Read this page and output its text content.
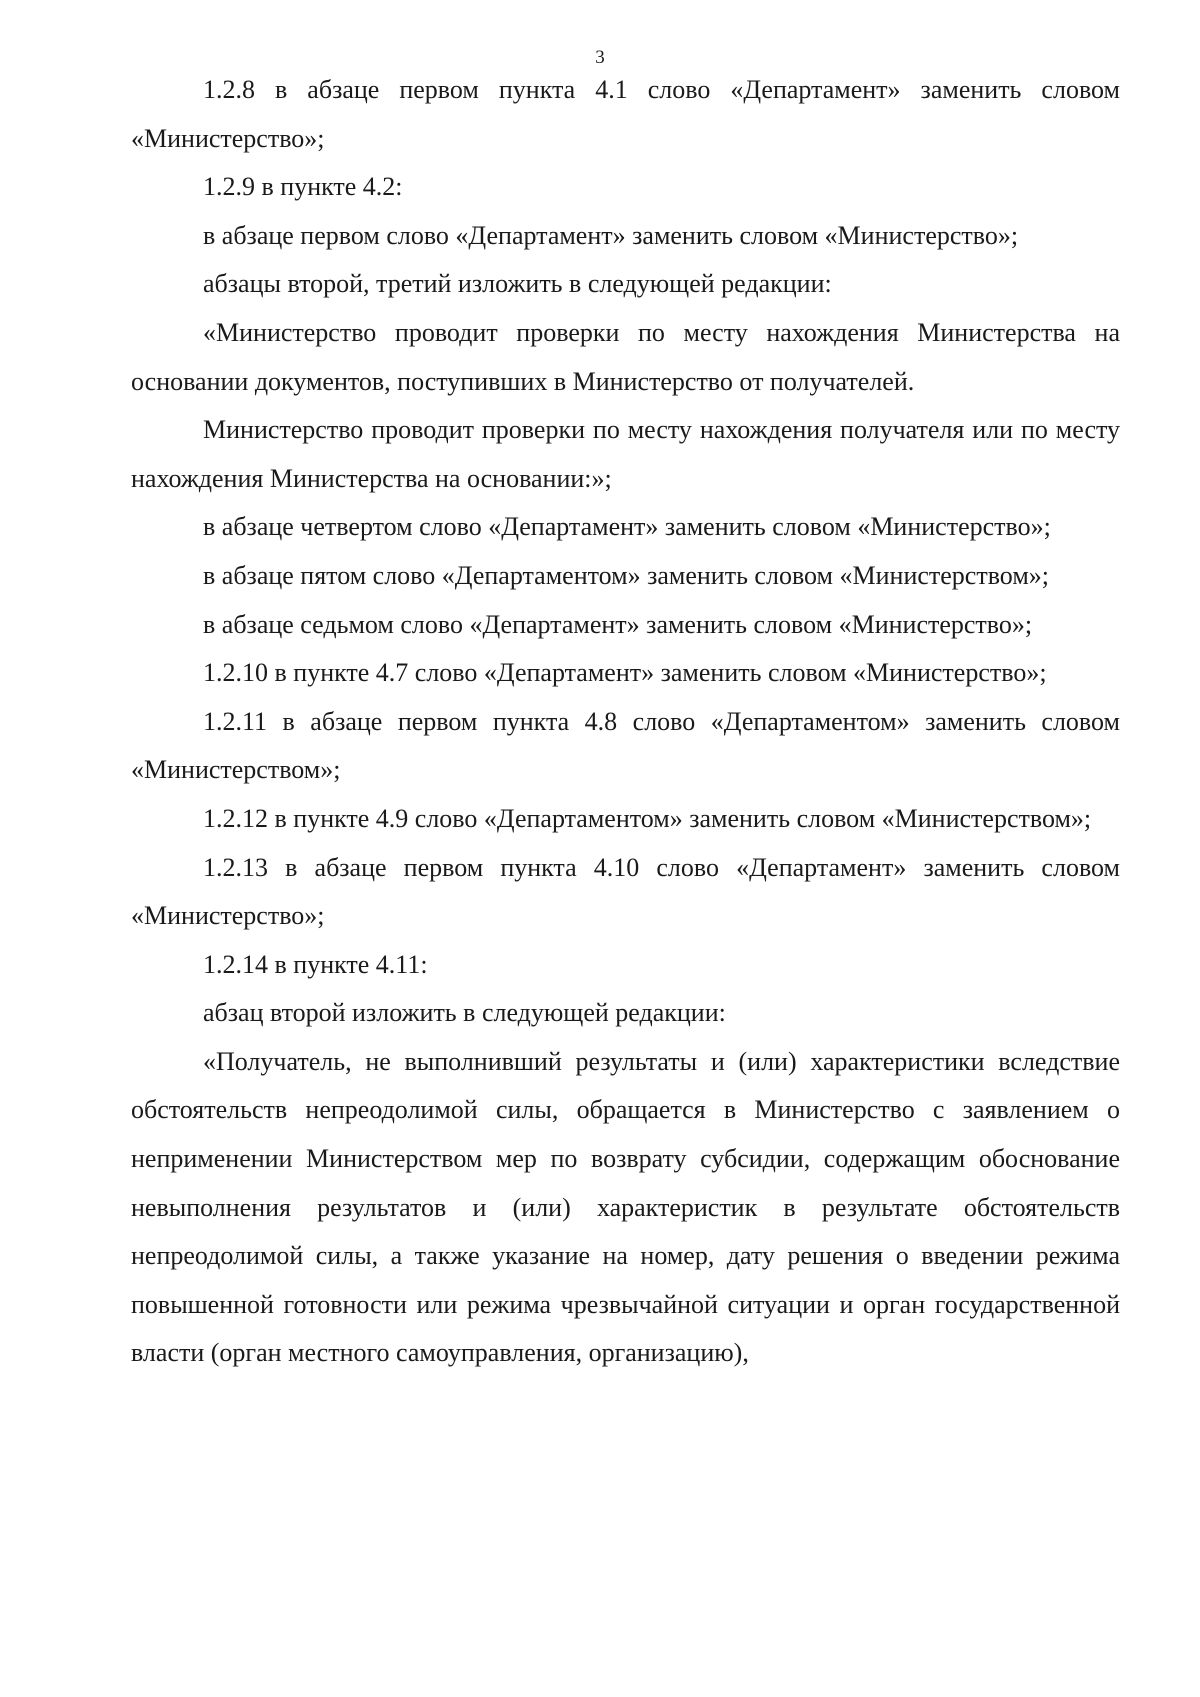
3

1.2.8 в абзаце первом пункта 4.1 слово «Департамент» заменить словом «Министерство»;

1.2.9 в пункте 4.2:

в абзаце первом слово «Департамент» заменить словом «Министерство»;

абзацы второй, третий изложить в следующей редакции:

«Министерство проводит проверки по месту нахождения Министерства на основании документов, поступивших в Министерство от получателей.

Министерство проводит проверки по месту нахождения получателя или по месту нахождения Министерства на основании:»;

в абзаце четвертом слово «Департамент» заменить словом «Министерство»;

в абзаце пятом слово «Департаментом» заменить словом «Министерством»;

в абзаце седьмом слово «Департамент» заменить словом «Министерство»;

1.2.10 в пункте 4.7 слово «Департамент» заменить словом «Министерство»;

1.2.11 в абзаце первом пункта 4.8 слово «Департаментом» заменить словом «Министерством»;

1.2.12 в пункте 4.9 слово «Департаментом» заменить словом «Министерством»;

1.2.13 в абзаце первом пункта 4.10 слово «Департамент» заменить словом «Министерство»;

1.2.14 в пункте 4.11:

абзац второй изложить в следующей редакции:

«Получатель, не выполнивший результаты и (или) характеристики вследствие обстоятельств непреодолимой силы, обращается в Министерство с заявлением о неприменении Министерством мер по возврату субсидии, содержащим обоснование невыполнения результатов и (или) характеристик в результате обстоятельств непреодолимой силы, а также указание на номер, дату решения о введении режима повышенной готовности или режима чрезвычайной ситуации и орган государственной власти (орган местного самоуправления, организацию),
